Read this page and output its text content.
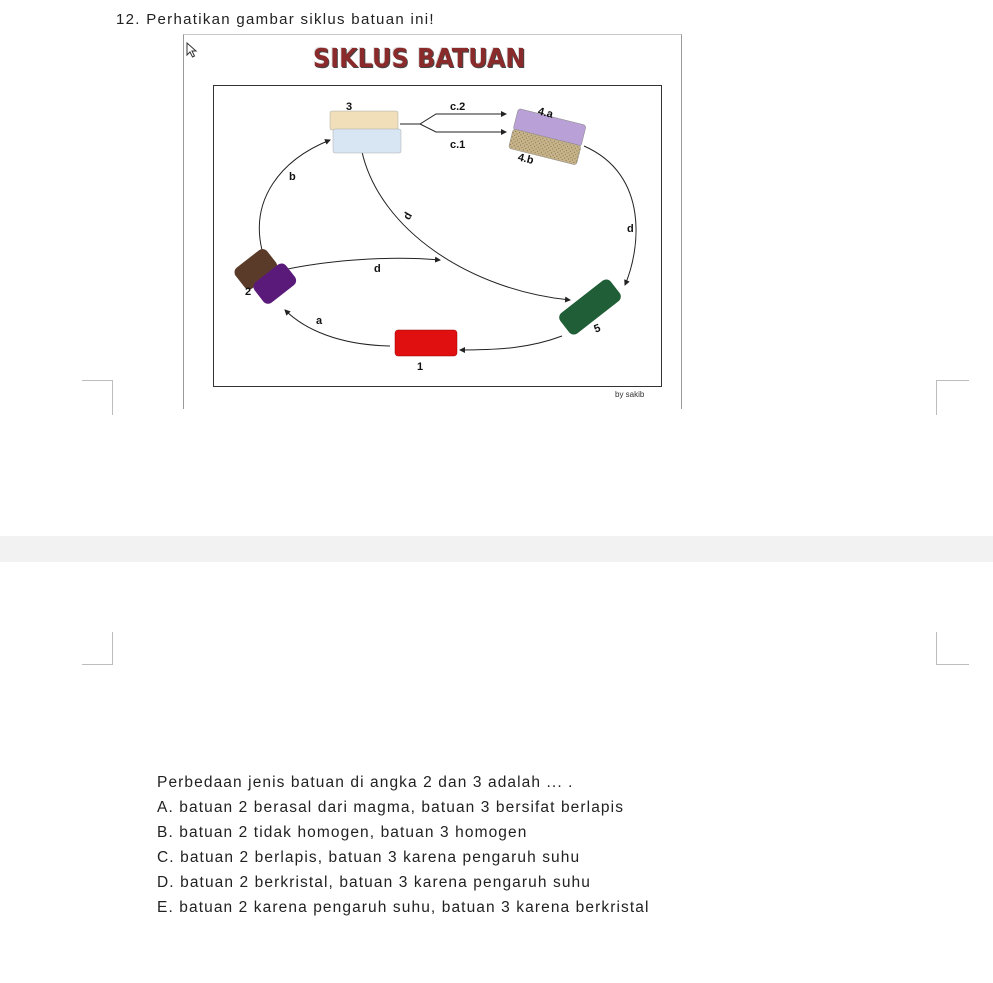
12. Perhatikan gambar siklus batuan ini!
SIKLUS BATUAN
3	c.2
c.1
4.a
4.b
b
d
d
d
2
a
5
1
by sakib
Perbedaan jenis batuan di angka 2 dan 3 adalah ... .
A. batuan 2 berasal dari magma, batuan 3 bersifat berlapis
B. batuan 2 tidak homogen, batuan 3 homogen
C. batuan 2 berlapis, batuan 3 karena pengaruh suhu
D. batuan 2 berkristal, batuan 3 karena pengaruh suhu
E. batuan 2 karena pengaruh suhu, batuan 3 karena berkristal
